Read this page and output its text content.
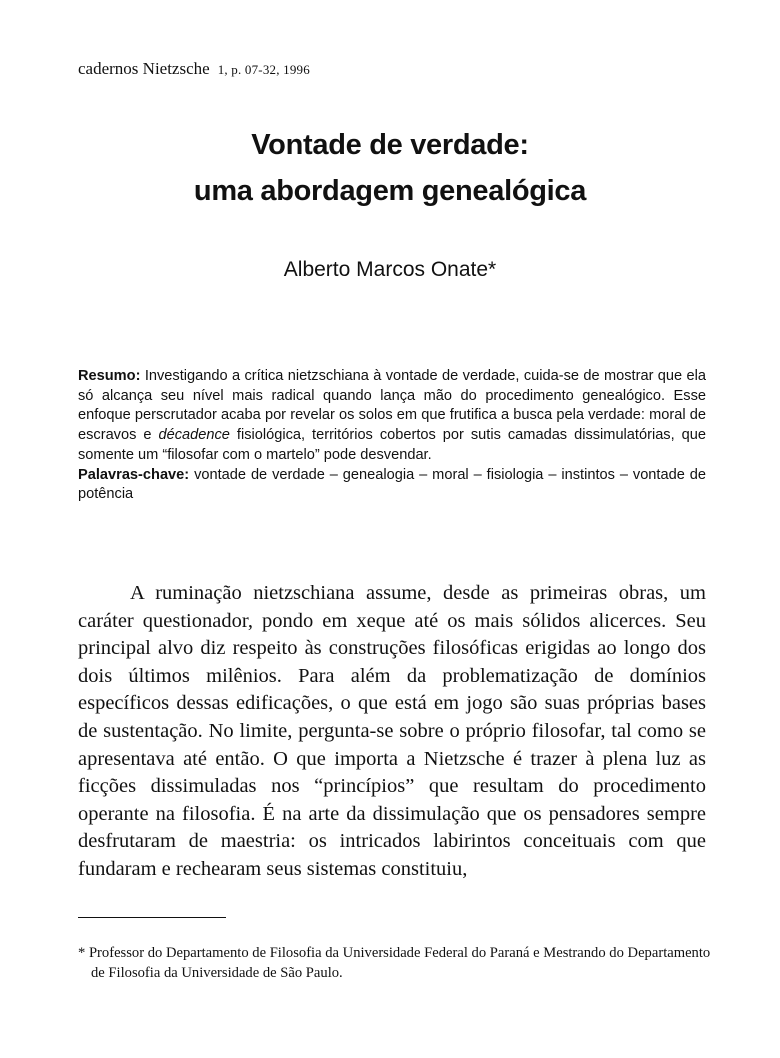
cadernos Nietzsche 1, p. 07-32, 1996
Vontade de verdade:
uma abordagem genealógica
Alberto Marcos Onate*

Resumo: Investigando a crítica nietzschiana à vontade de verdade, cuida-se de mostrar que ela só alcança seu nível mais radical quando lança mão do procedimento genealógico. Esse enfoque perscrutador acaba por revelar os solos em que frutifica a busca pela verdade: moral de escravos e décadence fisiológica, territórios cobertos por sutis camadas dissimulatórias, que somente um “filosofar com o martelo” pode desvendar.

Palavras-chave: vontade de verdade – genealogia – moral – fisiologia – instintos – vontade de potência

A ruminação nietzschiana assume, desde as primeiras obras, um caráter questionador, pondo em xeque até os mais sólidos alicerces. Seu principal alvo diz respeito às construções filosóficas erigidas ao longo dos dois últimos milênios. Para além da problematização de domínios específicos dessas edificações, o que está em jogo são suas próprias bases de sustentação. No limite, pergunta-se sobre o próprio filosofar, tal como se apresentava até então. O que importa a Nietzsche é trazer à plena luz as ficções dissimuladas nos “princípios” que resultam do procedimento operante na filosofia. É na arte da dissimulação que os pensadores sempre desfrutaram de maestria: os intricados labirintos conceituais com que fundaram e rechearam seus sistemas constituiu,

* Professor do Departamento de Filosofia da Universidade Federal do Paraná e Mestrando do Departamento de Filosofia da Universidade de São Paulo.
